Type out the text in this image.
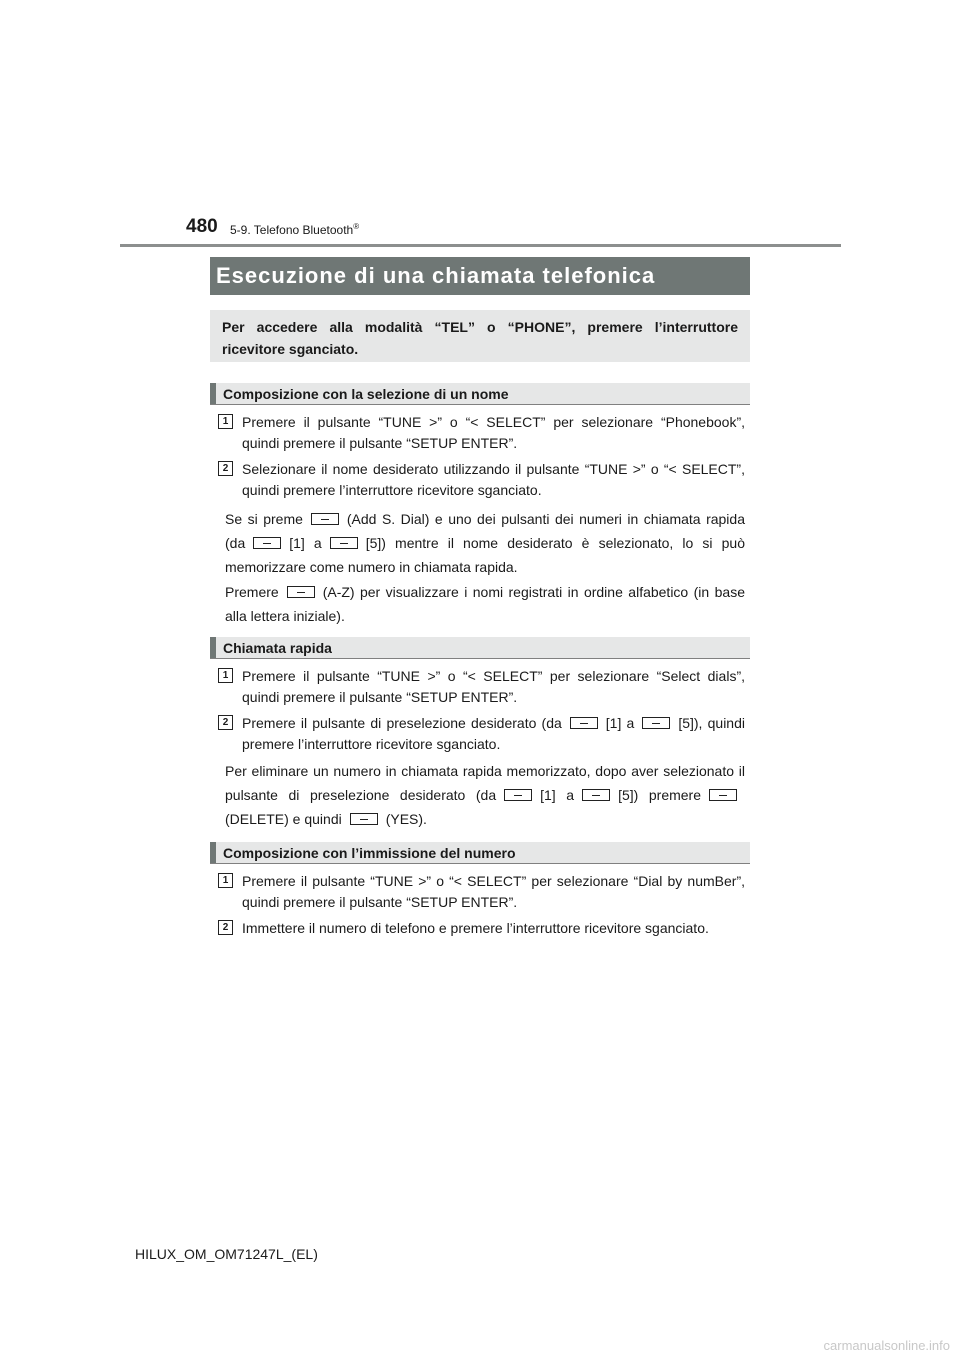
480 5-9. Telefono Bluetooth®
Esecuzione di una chiamata telefonica
Per accedere alla modalità “TEL” o “PHONE”, premere l’interruttore ricevitore sganciato.
Composizione con la selezione di un nome
1 Premere il pulsante “TUNE >” o “< SELECT” per selezionare “Phonebook”, quindi premere il pulsante “SETUP ENTER”.
2 Selezionare il nome desiderato utilizzando il pulsante “TUNE >” o “< SELECT”, quindi premere l’interruttore ricevitore sganciato.
Se si preme	(Add S. Dial) e uno dei pulsanti dei numeri in chiamata rapida (da	[1] a	[5]) mentre il nome desiderato è selezionato, lo si può memorizzare come numero in chiamata rapida.
Premere	(A-Z) per visualizzare i nomi registrati in ordine alfabetico (in base alla lettera iniziale).
Chiamata rapida
1 Premere il pulsante “TUNE >” o “< SELECT” per selezionare “Select dials”, quindi premere il pulsante “SETUP ENTER”.
2 Premere il pulsante di preselezione desiderato (da	[1] a	[5]), quindi premere l’interruttore ricevitore sganciato.
Per eliminare un numero in chiamata rapida memorizzato, dopo aver selezionato il pulsante di preselezione desiderato (da	[1] a	[5]) premere(DELETE) e quindi	(YES).
Composizione con l’immissione del numero
1 Premere il pulsante “TUNE >” o “< SELECT” per selezionare “Dial by numBer”, quindi premere il pulsante “SETUP ENTER”.
2 Immettere il numero di telefono e premere l’interruttore ricevitore sganciato.
HILUX_OM_OM71247L_(EL)
carmanualsonline.info
